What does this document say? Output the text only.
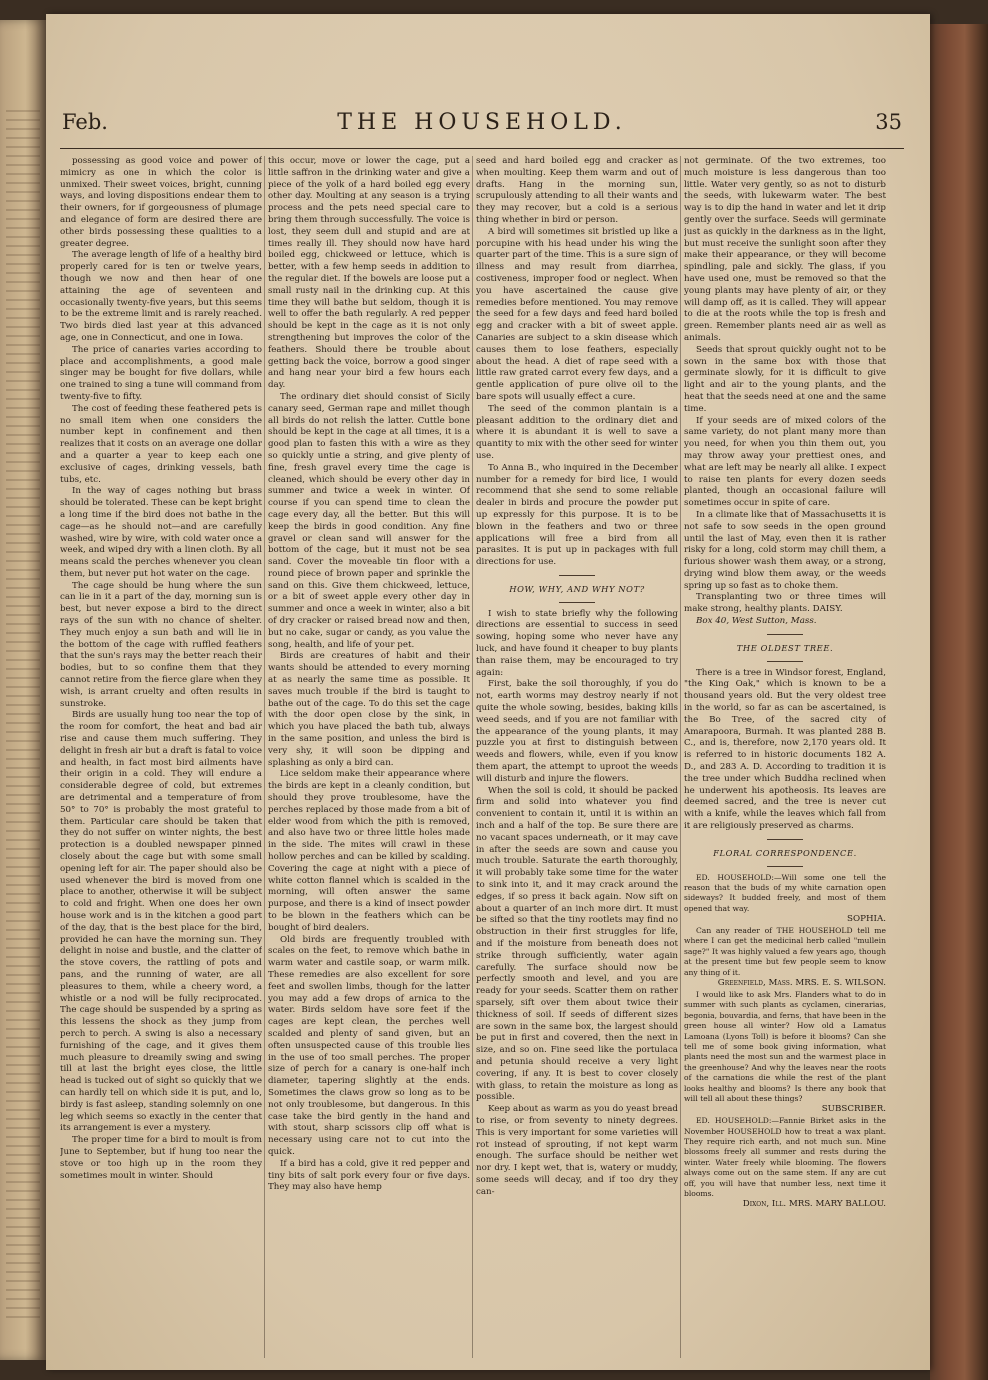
Feb.	THE HOUSEHOLD.	35

possessing as good voice and power of mimicry as one in which the color is unmixed. Their sweet voices, bright, cunning ways, and loving dispositions endear them to their owners, for if gorgeousness of plumage and elegance of form are desired there are other birds possessing these qualities to a greater degree.

The average length of life of a healthy bird properly cared for is ten or twelve years, though we now and then hear of one attaining the age of seventeen and occasionally twenty-five years, but this seems to be the extreme limit and is rarely reached. Two birds died last year at this advanced age, one in Connecticut, and one in Iowa.

The price of canaries varies according to place and accomplishments, a good male singer may be bought for five dollars, while one trained to sing a tune will command from twenty-five to fifty.

The cost of feeding these feathered pets is no small item when one considers the number kept in confinement and then realizes that it costs on an average one dollar and a quarter a year to keep each one exclusive of cages, drinking vessels, bath tubs, etc.

In the way of cages nothing but brass should be tolerated. These can be kept bright a long time if the bird does not bathe in the cage—as he should not—and are carefully washed, wire by wire, with cold water once a week, and wiped dry with a linen cloth. By all means scald the perches whenever you clean them, but never put hot water on the cage.

The cage should be hung where the sun can lie in it a part of the day, morning sun is best, but never expose a bird to the direct rays of the sun with no chance of shelter. They much enjoy a sun bath and will lie in the bottom of the cage with ruffled feathers that the sun's rays may the better reach their bodies, but to so confine them that they cannot retire from the fierce glare when they wish, is arrant cruelty and often results in sunstroke.

Birds are usually hung too near the top of the room for comfort, the heat and bad air rise and cause them much suffering. They delight in fresh air but a draft is fatal to voice and health, in fact most bird ailments have their origin in a cold. They will endure a considerable degree of cold, but extremes are detrimental and a temperature of from 50° to 70° is probably the most grateful to them. Particular care should be taken that they do not suffer on winter nights, the best protection is a doubled newspaper pinned closely about the cage but with some small opening left for air. The paper should also be used whenever the bird is moved from one place to another, otherwise it will be subject to cold and fright. When one does her own house work and is in the kitchen a good part of the day, that is the best place for the bird, provided he can have the morning sun. They delight in noise and bustle, and the clatter of the stove covers, the rattling of pots and pans, and the running of water, are all pleasures to them, while a cheery word, a whistle or a nod will be fully reciprocated. The cage should be suspended by a spring as this lessens the shock as they jump from perch to perch. A swing is also a necessary furnishing of the cage, and it gives them much pleasure to dreamily swing and swing till at last the bright eyes close, the little head is tucked out of sight so quickly that we can hardly tell on which side it is put, and lo, birdy is fast asleep, standing solemnly on one leg which seems so exactly in the center that its arrangement is ever a mystery.

The proper time for a bird to moult is from June to September, but if hung too near the stove or too high up in the room they sometimes moult in winter. Should

this occur, move or lower the cage, put a little saffron in the drinking water and give a piece of the yolk of a hard boiled egg every other day. Moulting at any season is a trying process and the pets need special care to bring them through successfully. The voice is lost, they seem dull and stupid and are at times really ill. They should now have hard boiled egg, chickweed or lettuce, which is better, with a few hemp seeds in addition to the regular diet. If the bowels are loose put a small rusty nail in the drinking cup. At this time they will bathe but seldom, though it is well to offer the bath regularly. A red pepper should be kept in the cage as it is not only strengthening but improves the color of the feathers. Should there be trouble about getting back the voice, borrow a good singer and hang near your bird a few hours each day.

The ordinary diet should consist of Sicily canary seed, German rape and millet though all birds do not relish the latter. Cuttle bone should be kept in the cage at all times, it is a good plan to fasten this with a wire as they so quickly untie a string, and give plenty of fine, fresh gravel every time the cage is cleaned, which should be every other day in summer and twice a week in winter. Of course if you can spend time to clean the cage every day, all the better. But this will keep the birds in good condition. Any fine gravel or clean sand will answer for the bottom of the cage, but it must not be sea sand. Cover the moveable tin floor with a round piece of brown paper and sprinkle the sand on this. Give them chickweed, lettuce, or a bit of sweet apple every other day in summer and once a week in winter, also a bit of dry cracker or raised bread now and then, but no cake, sugar or candy, as you value the song, health, and life of your pet.

Birds are creatures of habit and their wants should be attended to every morning at as nearly the same time as possible. It saves much trouble if the bird is taught to bathe out of the cage. To do this set the cage with the door open close by the sink, in which you have placed the bath tub, always in the same position, and unless the bird is very shy, it will soon be dipping and splashing as only a bird can.

Lice seldom make their appearance where the birds are kept in a cleanly condition, but should they prove troublesome, have the perches replaced by those made from a bit of elder wood from which the pith is removed, and also have two or three little holes made in the side. The mites will crawl in these hollow perches and can be killed by scalding. Covering the cage at night with a piece of white cotton flannel which is scalded in the morning, will often answer the same purpose, and there is a kind of insect powder to be blown in the feathers which can be bought of bird dealers.

Old birds are frequently troubled with scales on the feet, to remove which bathe in warm water and castile soap, or warm milk. These remedies are also excellent for sore feet and swollen limbs, though for the latter you may add a few drops of arnica to the water. Birds seldom have sore feet if the cages are kept clean, the perches well scalded and plenty of sand given, but an often unsuspected cause of this trouble lies in the use of too small perches. The proper size of perch for a canary is one-half inch diameter, tapering slightly at the ends. Sometimes the claws grow so long as to be not only troublesome, but dangerous. In this case take the bird gently in the hand and with stout, sharp scissors clip off what is necessary using care not to cut into the quick.

If a bird has a cold, give it red pepper and tiny bits of salt pork every four or five days. They may also have hemp

seed and hard boiled egg and cracker as when moulting. Keep them warm and out of drafts. Hang in the morning sun, scrupulously attending to all their wants and they may recover, but a cold is a serious thing whether in bird or person.

A bird will sometimes sit bristled up like a porcupine with his head under his wing the quarter part of the time. This is a sure sign of illness and may result from diarrhea, costiveness, improper food or neglect. When you have ascertained the cause give remedies before mentioned. You may remove the seed for a few days and feed hard boiled egg and cracker with a bit of sweet apple. Canaries are subject to a skin disease which causes them to lose feathers, especially about the head. A diet of rape seed with a little raw grated carrot every few days, and a gentle application of pure olive oil to the bare spots will usually effect a cure.

The seed of the common plantain is a pleasant addition to the ordinary diet and where it is abundant it is well to save a quantity to mix with the other seed for winter use.

To Anna B., who inquired in the December number for a remedy for bird lice, I would recommend that she send to some reliable dealer in birds and procure the powder put up expressly for this purpose. It is to be blown in the feathers and two or three applications will free a bird from all parasites. It is put up in packages with full directions for use.

HOW, WHY, AND WHY NOT?

I wish to state briefly why the following directions are essential to success in seed sowing, hoping some who never have any luck, and have found it cheaper to buy plants than raise them, may be encouraged to try again:

First, bake the soil thoroughly, if you do not, earth worms may destroy nearly if not quite the whole sowing, besides, baking kills weed seeds, and if you are not familiar with the appearance of the young plants, it may puzzle you at first to distinguish between weeds and flowers, while, even if you know them apart, the attempt to uproot the weeds will disturb and injure the flowers.

When the soil is cold, it should be packed firm and solid into whatever you find convenient to contain it, until it is within an inch and a half of the top. Be sure there are no vacant spaces underneath, or it may cave in after the seeds are sown and cause you much trouble. Saturate the earth thoroughly, it will probably take some time for the water to sink into it, and it may crack around the edges, if so press it back again. Now sift on about a quarter of an inch more dirt. It must be sifted so that the tiny rootlets may find no obstruction in their first struggles for life, and if the moisture from beneath does not strike through sufficiently, water again carefully. The surface should now be perfectly smooth and level, and you are ready for your seeds. Scatter them on rather sparsely, sift over them about twice their thickness of soil. If seeds of different sizes are sown in the same box, the largest should be put in first and covered, then the next in size, and so on. Fine seed like the portulaca and petunia should receive a very light covering, if any. It is best to cover closely with glass, to retain the moisture as long as possible.

Keep about as warm as you do yeast bread to rise, or from seventy to ninety degrees. This is very important for some varieties will rot instead of sprouting, if not kept warm enough. The surface should be neither wet nor dry. I kept wet, that is, watery or muddy, some seeds will decay, and if too dry they can-

not germinate. Of the two extremes, too much moisture is less dangerous than too little. Water very gently, so as not to disturb the seeds, with lukewarm water. The best way is to dip the hand in water and let it drip gently over the surface. Seeds will germinate just as quickly in the darkness as in the light, but must receive the sunlight soon after they make their appearance, or they will become spindling, pale and sickly. The glass, if you have used one, must be removed so that the young plants may have plenty of air, or they will damp off, as it is called. They will appear to die at the roots while the top is fresh and green. Remember plants need air as well as animals.

Seeds that sprout quickly ought not to be sown in the same box with those that germinate slowly, for it is difficult to give light and air to the young plants, and the heat that the seeds need at one and the same time.

If your seeds are of mixed colors of the same variety, do not plant many more than you need, for when you thin them out, you may throw away your prettiest ones, and what are left may be nearly all alike. I expect to raise ten plants for every dozen seeds planted, though an occasional failure will sometimes occur in spite of care.

In a climate like that of Massachusetts it is not safe to sow seeds in the open ground until the last of May, even then it is rather risky for a long, cold storm may chill them, a furious shower wash them away, or a strong, drying wind blow them away, or the weeds spring up so fast as to choke them.

Transplanting two or three times will make strong, healthy plants. DAISY.

Box 40, West Sutton, Mass.

THE OLDEST TREE.

There is a tree in Windsor forest, England, "the King Oak," which is known to be a thousand years old. But the very oldest tree in the world, so far as can be ascertained, is the Bo Tree, of the sacred city of Amarapoora, Burmah. It was planted 288 B. C., and is, therefore, now 2,170 years old. It is referred to in historic documents 182 A. D., and 283 A. D. According to tradition it is the tree under which Buddha reclined when he underwent his apotheosis. Its leaves are deemed sacred, and the tree is never cut with a knife, while the leaves which fall from it are religiously preserved as charms.

FLORAL CORRESPONDENCE.

ED. HOUSEHOLD:—Will some one tell the reason that the buds of my white carnation open sideways? It budded freely, and most of them opened that way.

SOPHIA.

Can any reader of THE HOUSEHOLD tell me where I can get the medicinal herb called "mullein sage?" It was highly valued a few years ago, though at the present time but few people seem to know any thing of it.

Greenfield, Mass. MRS. E. S. WILSON.

I would like to ask Mrs. Flanders what to do in summer with such plants as cyclamen, cinerarias, begonia, bouvardia, and ferns, that have been in the green house all winter? How old a Lamatus Lamoana (Lyons Toll) is before it blooms? Can she tell me of some book giving information, what plants need the most sun and the warmest place in the greenhouse? And why the leaves near the roots of the carnations die while the rest of the plant looks healthy and blooms? Is there any book that will tell all about these things?

SUBSCRIBER.

ED. HOUSEHOLD:—Fannie Birket asks in the November HOUSEHOLD how to treat a wax plant. They require rich earth, and not much sun. Mine blossoms freely all summer and rests during the winter. Water freely while blooming. The flowers always come out on the same stem. If any are cut off, you will have that number less, next time it blooms.

Dixon, Ill. MRS. MARY BALLOU.
